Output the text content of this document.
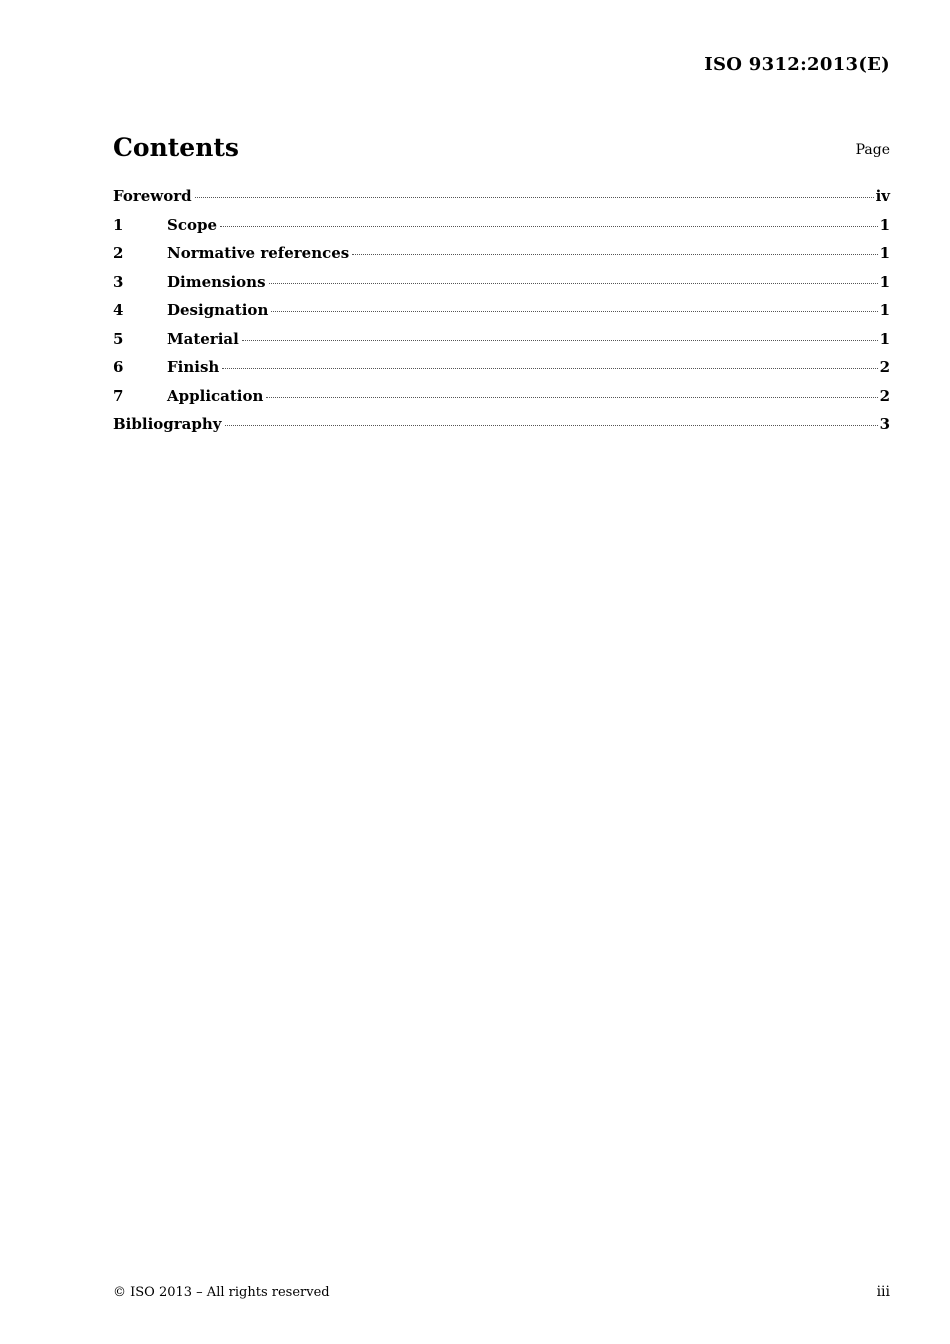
ISO 9312:2013(E)
Contents	Page
Foreword	iv
1	Scope	1
2	Normative references	1
3	Dimensions	1
4	Designation	1
5	Material	1
6	Finish	2
7	Application	2
Bibliography	3
© ISO 2013 – All rights reserved	iii
